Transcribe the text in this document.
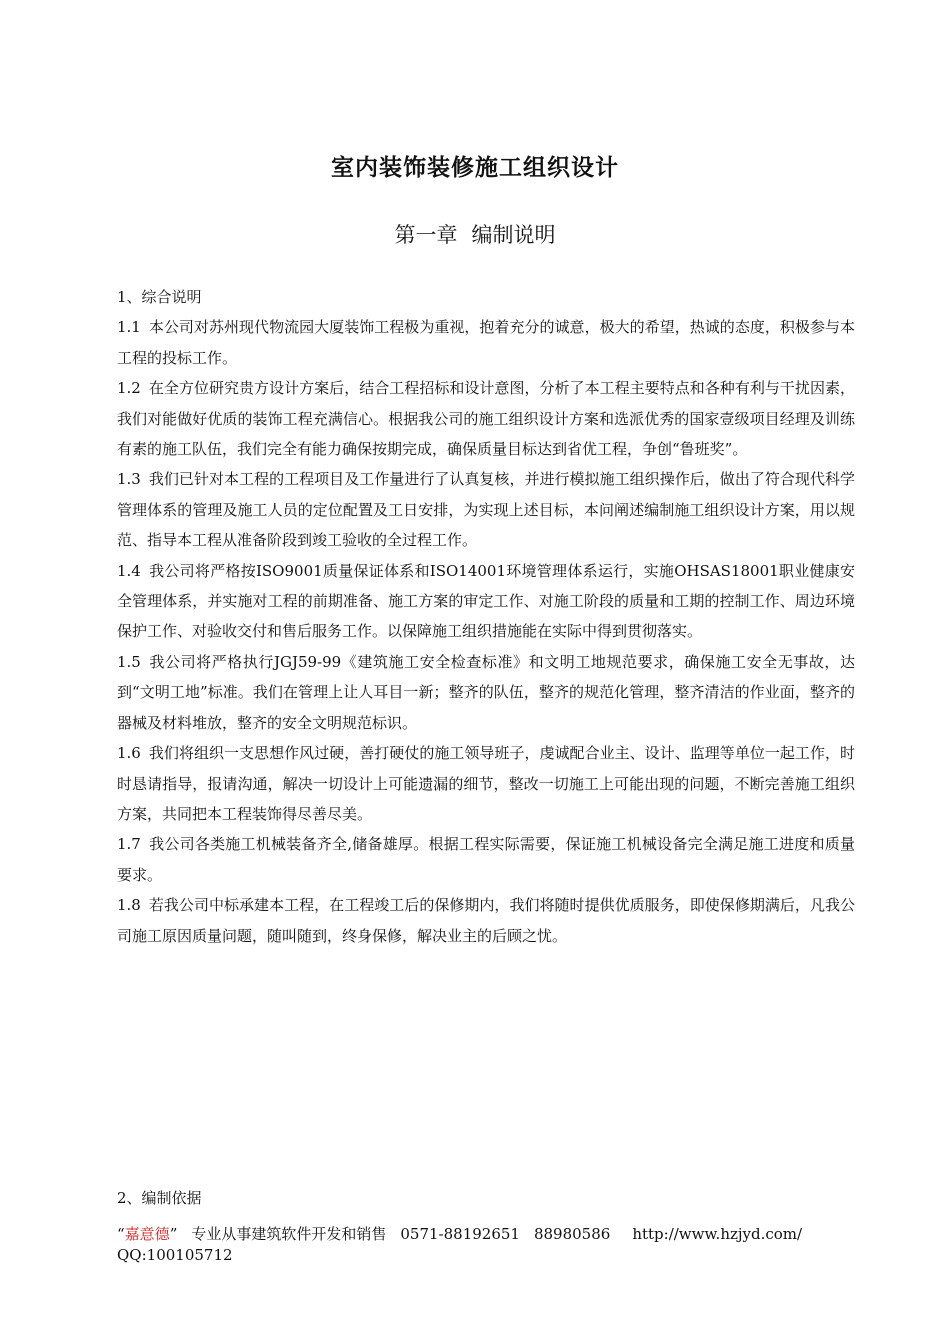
室内装饰装修施工组织设计
第一章 编制说明

1、综合说明

1.1 本公司对苏州现代物流园大厦装饰工程极为重视，抱着充分的诚意，极大的希望，热诚的态度，积极参与本工程的投标工作。

1.2 在全方位研究贵方设计方案后，结合工程招标和设计意图，分析了本工程主要特点和各种有利与干扰因素，我们对能做好优质的装饰工程充满信心。根据我公司的施工组织设计方案和选派优秀的国家壹级项目经理及训练有素的施工队伍，我们完全有能力确保按期完成，确保质量目标达到省优工程，争创“鲁班奖”。

1.3 我们已针对本工程的工程项目及工作量进行了认真复核，并进行模拟施工组织操作后，做出了符合现代科学管理体系的管理及施工人员的定位配置及工日安排，为实现上述目标，本问阐述编制施工组织设计方案，用以规范、指导本工程从准备阶段到竣工验收的全过程工作。

1.4 我公司将严格按ISO9001质量保证体系和ISO14001环境管理体系运行，实施OHSAS18001职业健康安全管理体系，并实施对工程的前期准备、施工方案的审定工作、对施工阶段的质量和工期的控制工作、周边环境保护工作、对验收交付和售后服务工作。以保障施工组织措施能在实际中得到贯彻落实。

1.5 我公司将严格执行JGJ59-99《建筑施工安全检查标准》和文明工地规范要求，确保施工安全无事故，达到“文明工地”标准。我们在管理上让人耳目一新；整齐的队伍，整齐的规范化管理，整齐清洁的作业面，整齐的器械及材料堆放，整齐的安全文明规范标识。

1.6 我们将组织一支思想作风过硬，善打硬仗的施工领导班子，虔诚配合业主、设计、监理等单位一起工作，时时恳请指导，报请沟通，解决一切设计上可能遗漏的细节，整改一切施工上可能出现的问题，不断完善施工组织方案，共同把本工程装饰得尽善尽美。

1.7 我公司各类施工机械装备齐全,储备雄厚。根据工程实际需要，保证施工机械设备完全满足施工进度和质量要求。

1.8 若我公司中标承建本工程，在工程竣工后的保修期内，我们将随时提供优质服务，即使保修期满后，凡我公司施工原因质量问题，随叫随到，终身保修，解决业主的后顾之忧。

2、编制依据
“嘉意德” 专业从事建筑软件开发和销售 0571-88192651 88980586 http://www.hzjyd.com/
QQ:100105712
